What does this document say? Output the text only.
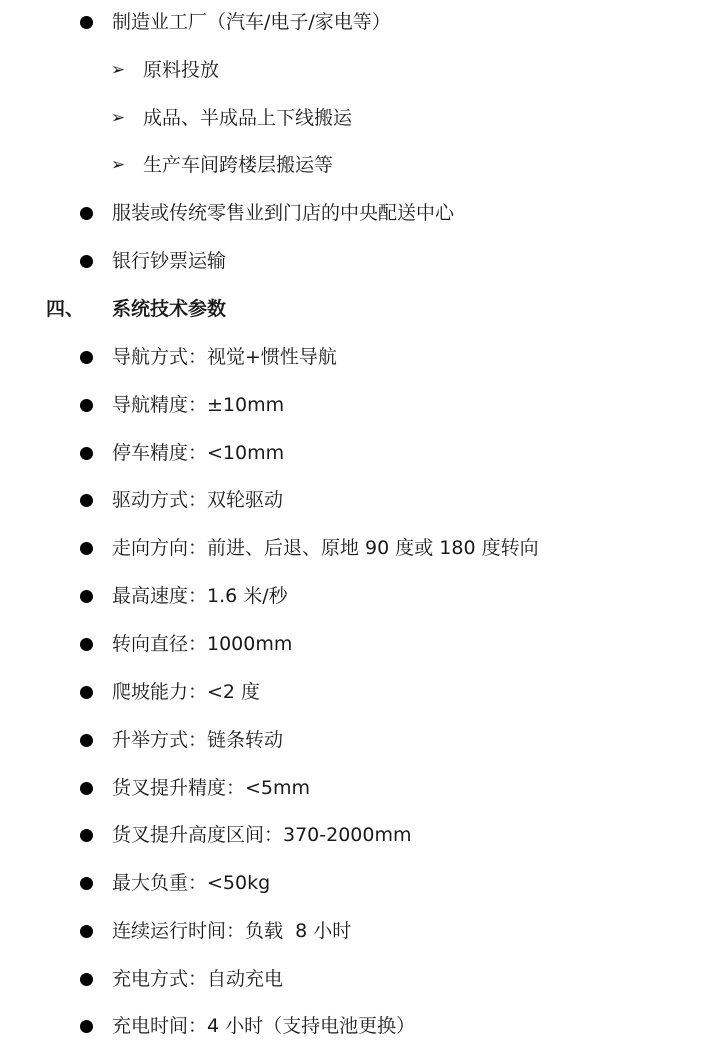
制造业工厂（汽车/电子/家电等）
➢ 原料投放
➢ 成品、半成品上下线搬运
➢ 生产车间跨楼层搬运等
服装或传统零售业到门店的中央配送中心
银行钞票运输
四、 系统技术参数
导航方式：视觉+惯性导航
导航精度：±10mm
停车精度：<10mm
驱动方式：双轮驱动
走向方向：前进、后退、原地 90 度或 180 度转向
最高速度：1.6 米/秒
转向直径：1000mm
爬坡能力：<2 度
升举方式：链条转动
货叉提升精度：<5mm
货叉提升高度区间：370-2000mm
最大负重：<50kg
连续运行时间：负载  8 小时
充电方式：自动充电
充电时间：4 小时（支持电池更换）
